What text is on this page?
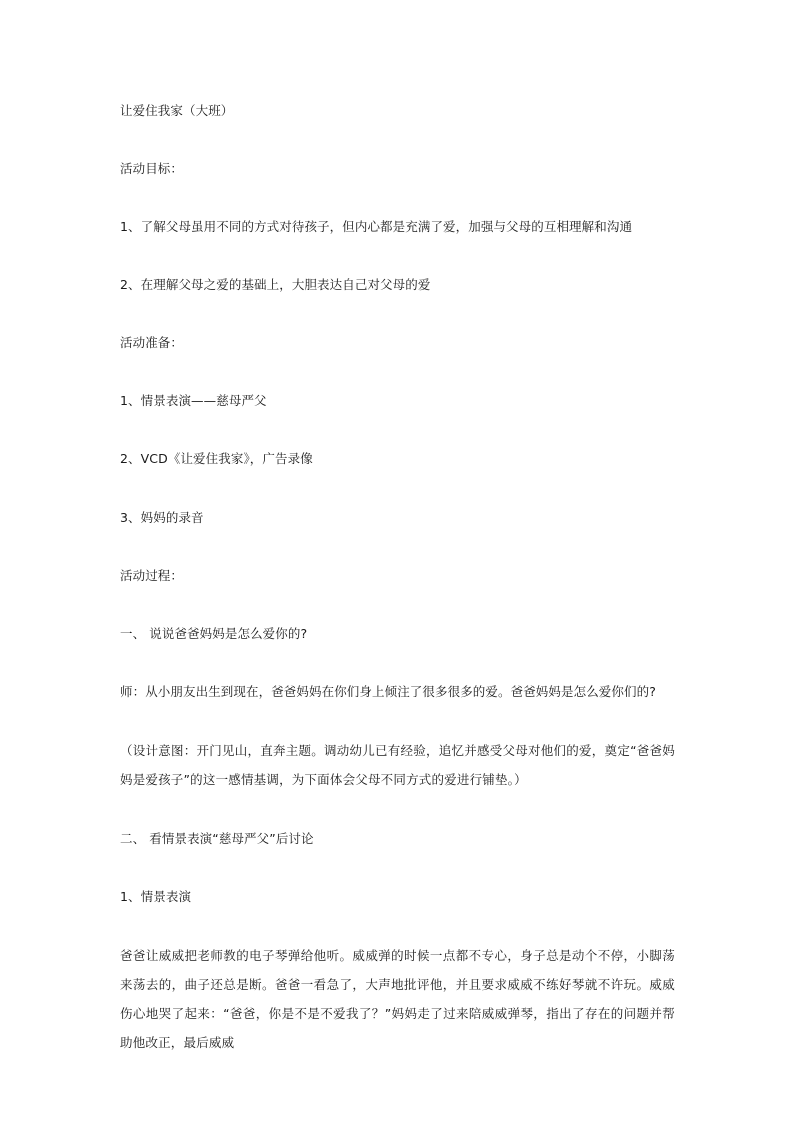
让爱住我家（大班）
活动目标：
1、了解父母虽用不同的方式对待孩子，但内心都是充满了爱，加强与父母的互相理解和沟通
2、在理解父母之爱的基础上，大胆表达自己对父母的爱
活动准备：
1、情景表演——慈母严父
2、VCD《让爱住我家》，广告录像
3、妈妈的录音
活动过程：
一、 说说爸爸妈妈是怎么爱你的?
师：从小朋友出生到现在，爸爸妈妈在你们身上倾注了很多很多的爱。爸爸妈妈是怎么爱你们的?
（设计意图：开门见山，直奔主题。调动幼儿已有经验，追忆并感受父母对他们的爱，奠定“爸爸妈妈是爱孩子”的这一感情基调，为下面体会父母不同方式的爱进行铺垫。）
二、 看情景表演“慈母严父”后讨论
1、情景表演
爸爸让威威把老师教的电子琴弹给他听。威威弹的时候一点都不专心，身子总是动个不停，小脚荡来荡去的，曲子还总是断。爸爸一看急了，大声地批评他，并且要求威威不练好琴就不许玩。威威伤心地哭了起来：“爸爸，你是不是不爱我了？”妈妈走了过来陪威威弹琴，指出了存在的问题并帮助他改正，最后威威
